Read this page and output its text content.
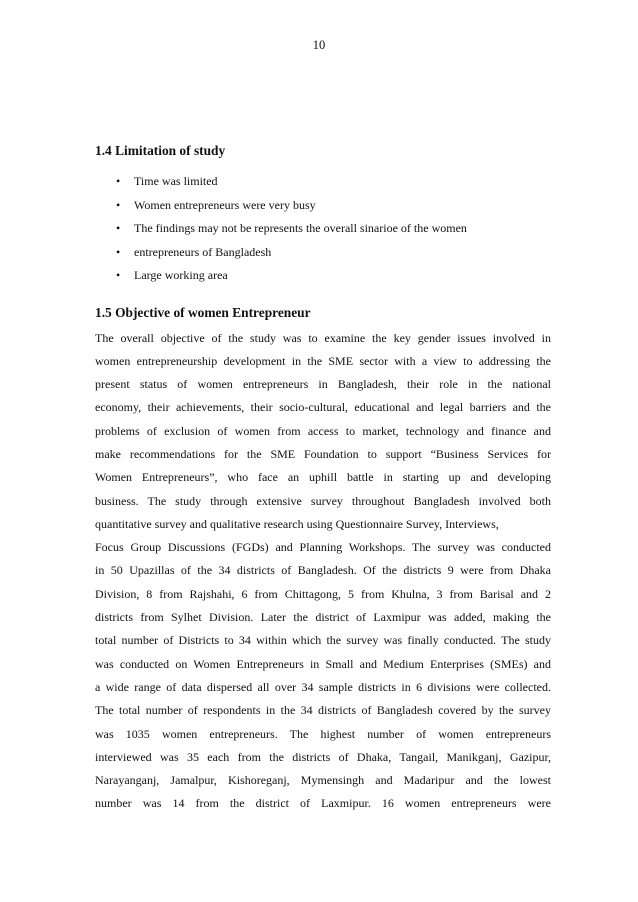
10
1.4 Limitation of study
• Time was limited
• Women entrepreneurs were very busy
• The findings may not be represents the overall sinarioe of the women
• entrepreneurs of Bangladesh
• Large working area
1.5 Objective of women Entrepreneur

The overall objective of the study was to examine the key gender issues involved in
women entrepreneurship development in the SME sector with a view to addressing the
present status of women entrepreneurs in Bangladesh, their role in the national
economy, their achievements, their socio-cultural, educational and legal barriers and the
problems of exclusion of women from access to market, technology and finance and
make recommendations for the SME Foundation to support “Business Services for
Women Entrepreneurs”, who face an uphill battle in starting up and developing
business. The study through extensive survey throughout Bangladesh involved both
quantitative survey and qualitative research using Questionnaire Survey, Interviews,
Focus Group Discussions (FGDs) and Planning Workshops. The survey was conducted
in 50 Upazillas of the 34 districts of Bangladesh. Of the districts 9 were from Dhaka
Division, 8 from Rajshahi, 6 from Chittagong, 5 from Khulna, 3 from Barisal and 2
districts from Sylhet Division. Later the district of Laxmipur was added, making the
total number of Districts to 34 within which the survey was finally conducted. The study
was conducted on Women Entrepreneurs in Small and Medium Enterprises (SMEs) and
a wide range of data dispersed all over 34 sample districts in 6 divisions were collected.
The total number of respondents in the 34 districts of Bangladesh covered by the survey
was 1035 women entrepreneurs. The highest number of women entrepreneurs
interviewed was 35 each from the districts of Dhaka, Tangail, Manikganj, Gazipur,
Narayanganj, Jamalpur, Kishoreganj, Mymensingh and Madaripur and the lowest
number was 14 from the district of Laxmipur. 16 women entrepreneurs were
